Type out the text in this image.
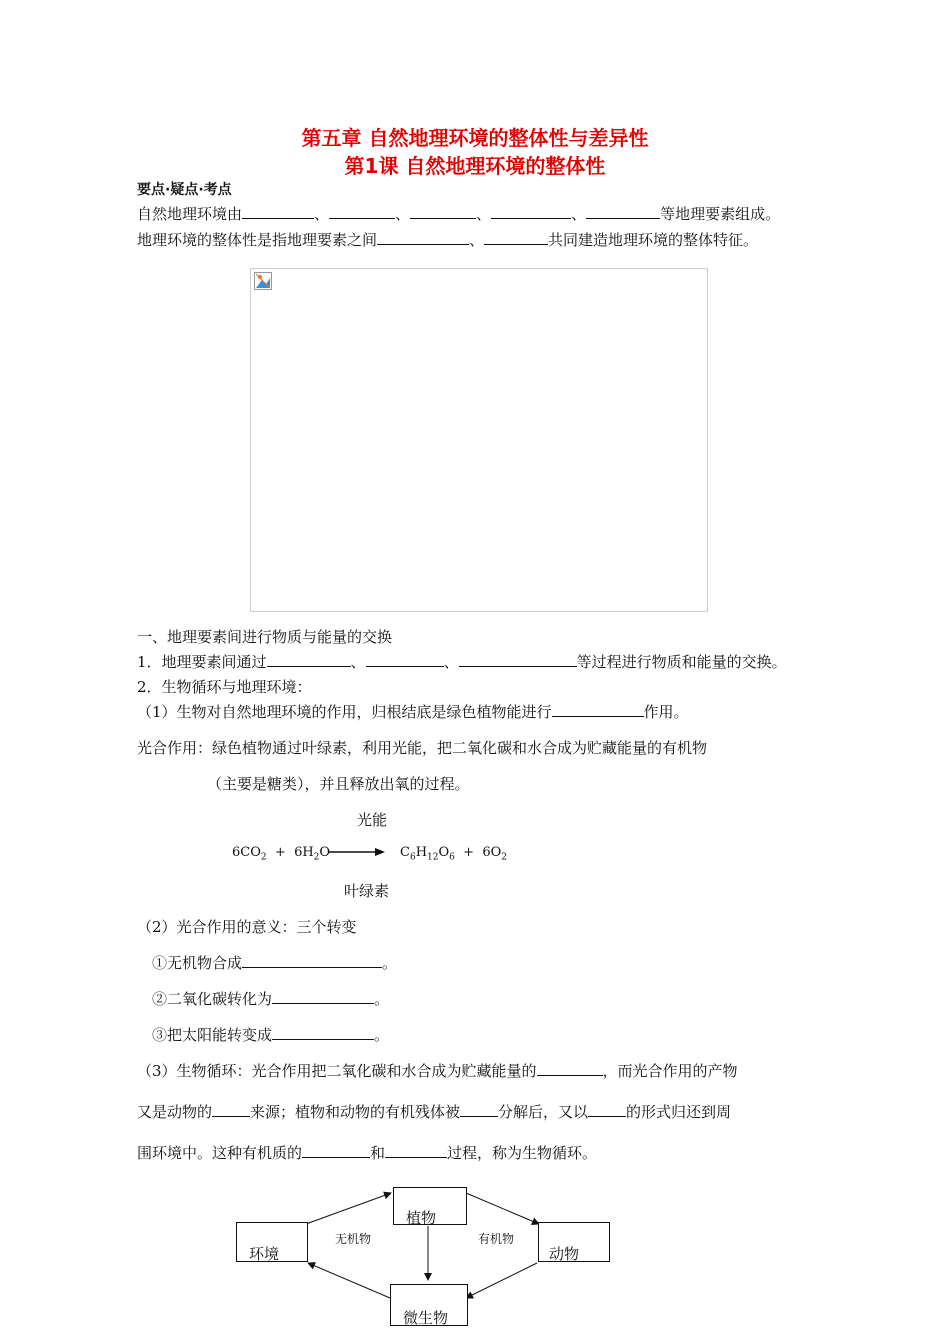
第五章 自然地理环境的整体性与差异性
第1课 自然地理环境的整体性
要点·疑点·考点
自然地理环境由	、	、	、	、	等地理要素组成。
地理环境的整体性是指地理要素之间	、	共同建造地理环境的整体特征。
一、地理要素间进行物质与能量的交换
1．地理要素间通过	、	、	等过程进行物质和能量的交换。
2．生物循环与地理环境：
（1）生物对自然地理环境的作用，归根结底是绿色植物能进行	作用。
光合作用：绿色植物通过叶绿素，利用光能，把二氧化碳和水合成为贮藏能量的有机物
（主要是糖类），并且释放出氧的过程。
光能
$6CO_2 + 6H_2O \to C_6H_{12}O_6 + 6O_2$
叶绿素
（2）光合作用的意义：三个转变
①无机物合成	。
②二氧化碳转化为	。
③把太阳能转变成	。
（3）生物循环：光合作用把二氧化碳和水合成为贮藏能量的	，而光合作用的产物
又是动物的	来源；植物和动物的有机残体被	分解后，又以	的形式归还到周
围环境中。这种有机质的	和	过程，称为生物循环。
环境
植物
动物
微生物
无机物	有机物
